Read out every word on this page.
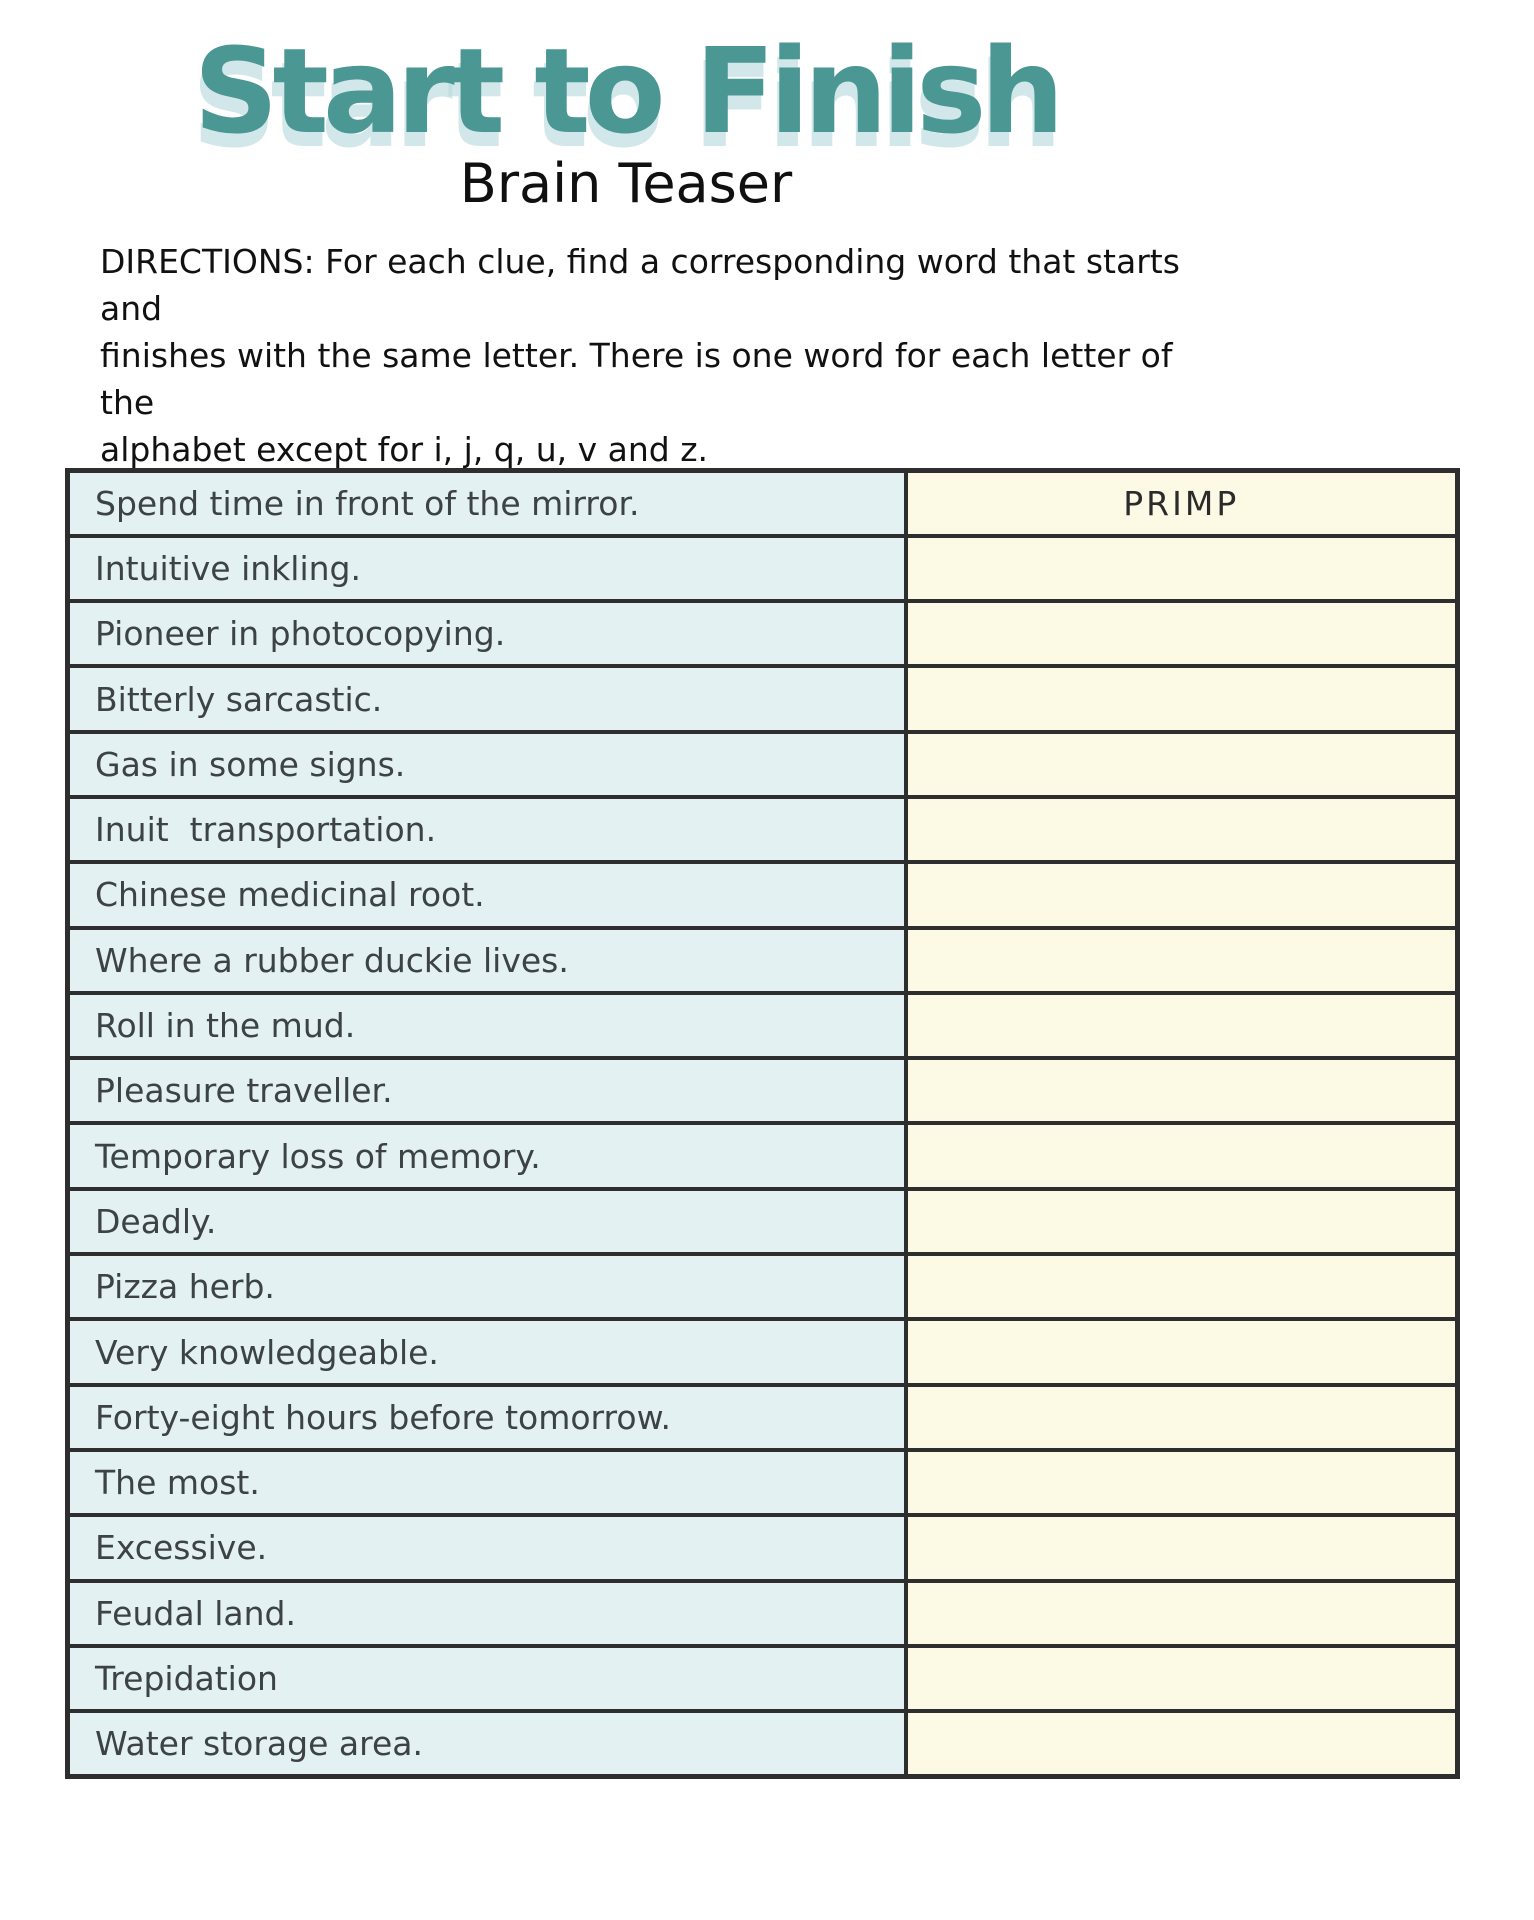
Start to Finish
Brain Teaser
DIRECTIONS: For each clue, find a corresponding word that starts and
finishes with the same letter. There is one word for each letter of the
alphabet except for i, j, q, u, v and z.
Spend time in front of the mirror.	PRIMP
Intuitive inkling.	
Pioneer in photocopying.	
Bitterly sarcastic.	
Gas in some signs.	
Inuit  transportation.	
Chinese medicinal root.	
Where a rubber duckie lives.	
Roll in the mud.	
Pleasure traveller.	
Temporary loss of memory.	
Deadly.	
Pizza herb.	
Very knowledgeable.	
Forty-eight hours before tomorrow.	
The most.	
Excessive.	
Feudal land.	
Trepidation	
Water storage area.	
